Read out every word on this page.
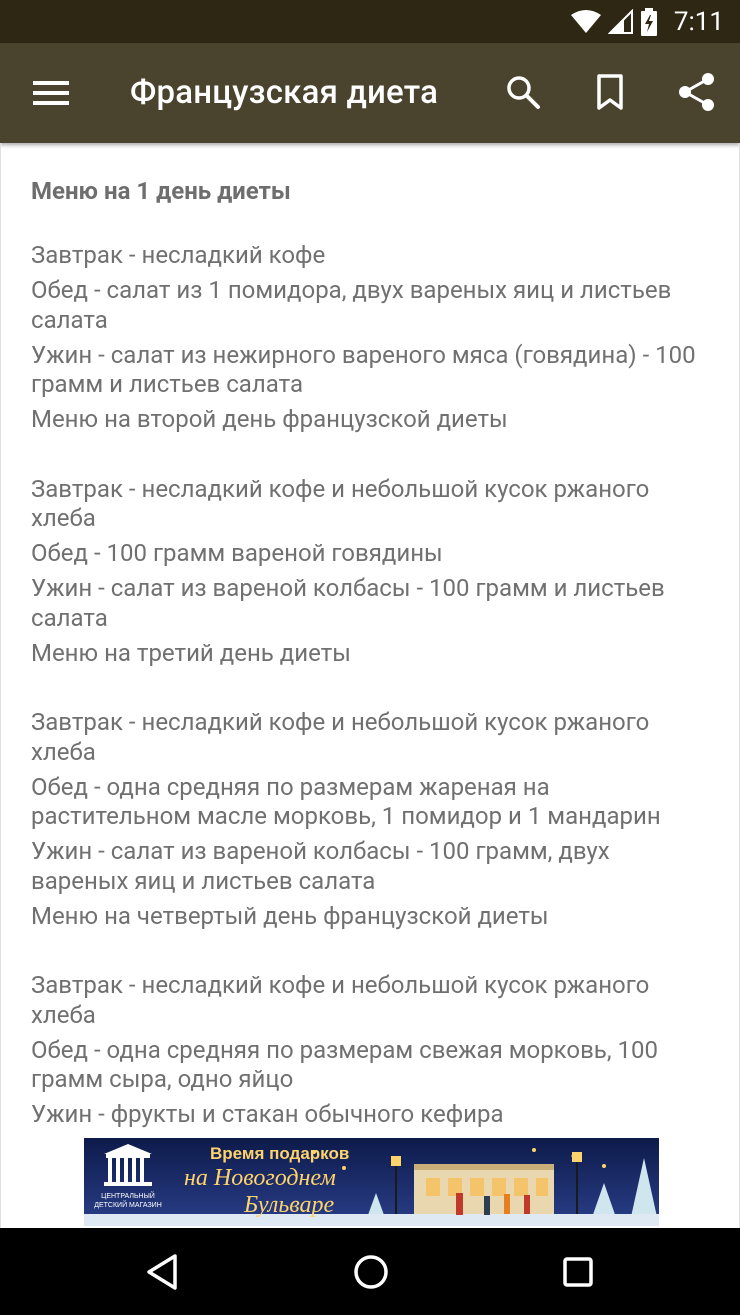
7:11
Французская диета
Меню на 1 день диеты
Завтрак - несладкий кофе
Обед - салат из 1 помидора, двух вареных яиц и листьев салата
Ужин - салат из нежирного вареного мяса (говядина) - 100 грамм и листьев салата
Меню на второй день французской диеты
Завтрак - несладкий кофе и небольшой кусок ржаного хлеба
Обед - 100 грамм вареной говядины
Ужин - салат из вареной колбасы - 100 грамм и листьев салата
Меню на третий день диеты
Завтрак - несладкий кофе и небольшой кусок ржаного хлеба
Обед - одна средняя по размерам жареная на растительном масле морковь, 1 помидор и 1 мандарин
Ужин - салат из вареной колбасы - 100 грамм, двух вареных яиц и листьев салата
Меню на четвертый день французской диеты
Завтрак - несладкий кофе и небольшой кусок ржаного хлеба
Обед - одна средняя по размерам свежая морковь, 100 грамм сыра, одно яйцо
Ужин - фрукты и стакан обычного кефира
ЦЕНТРАЛЬНЫЙ
ДЕТСКИЙ МАГАЗИН
Время подарков
на Новогоднем
Бульваре
